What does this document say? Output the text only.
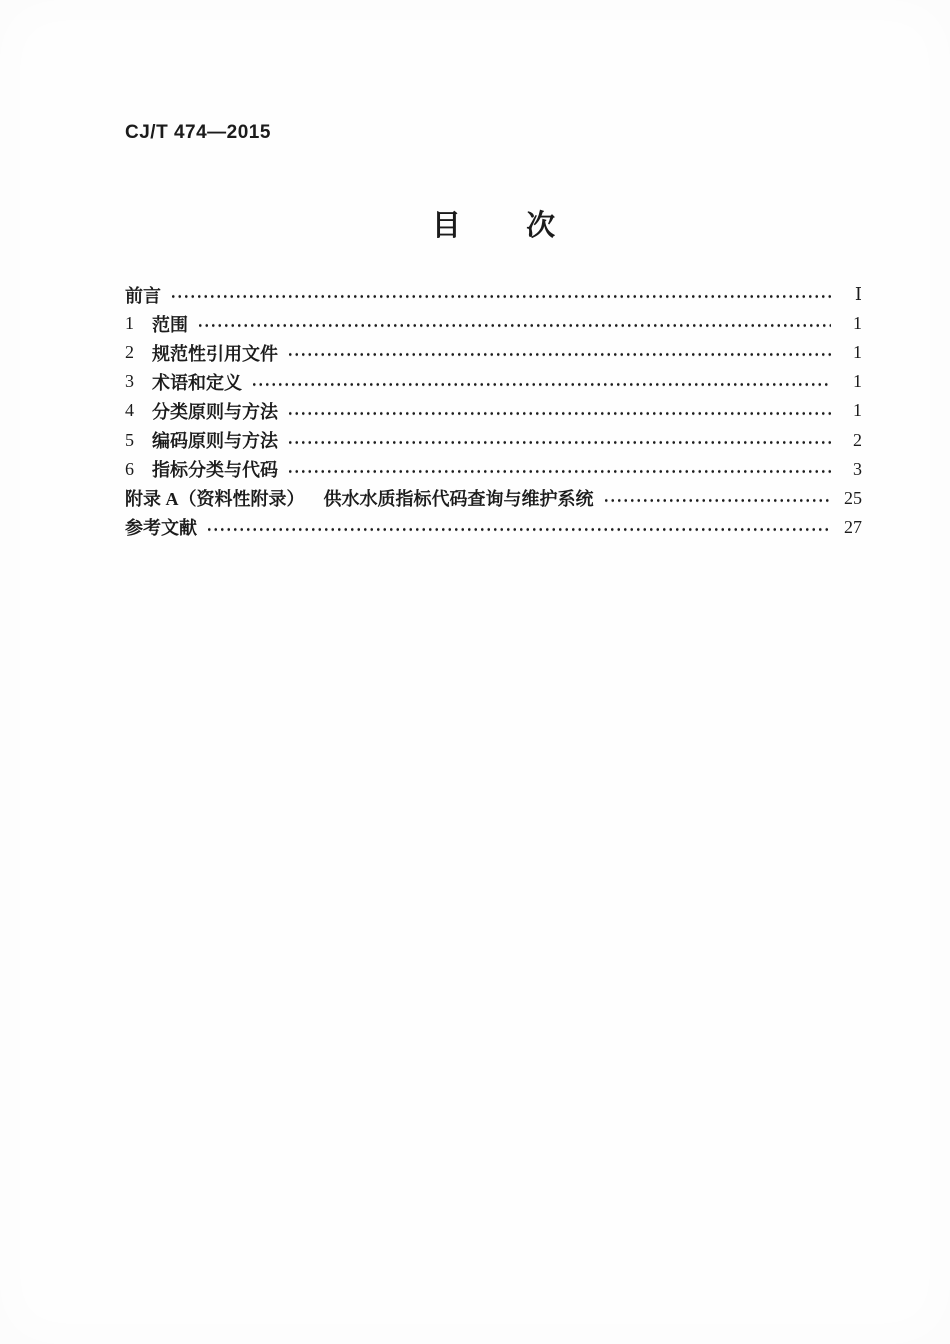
CJ/T 474—2015
目 次
前言	Ⅰ
1	范围	1
2	规范性引用文件	1
3	术语和定义	1
4	分类原则与方法	1
5	编码原则与方法	2
6	指标分类与代码	3
附录 A（资料性附录） 供水水质指标代码查询与维护系统	25
参考文献	27
